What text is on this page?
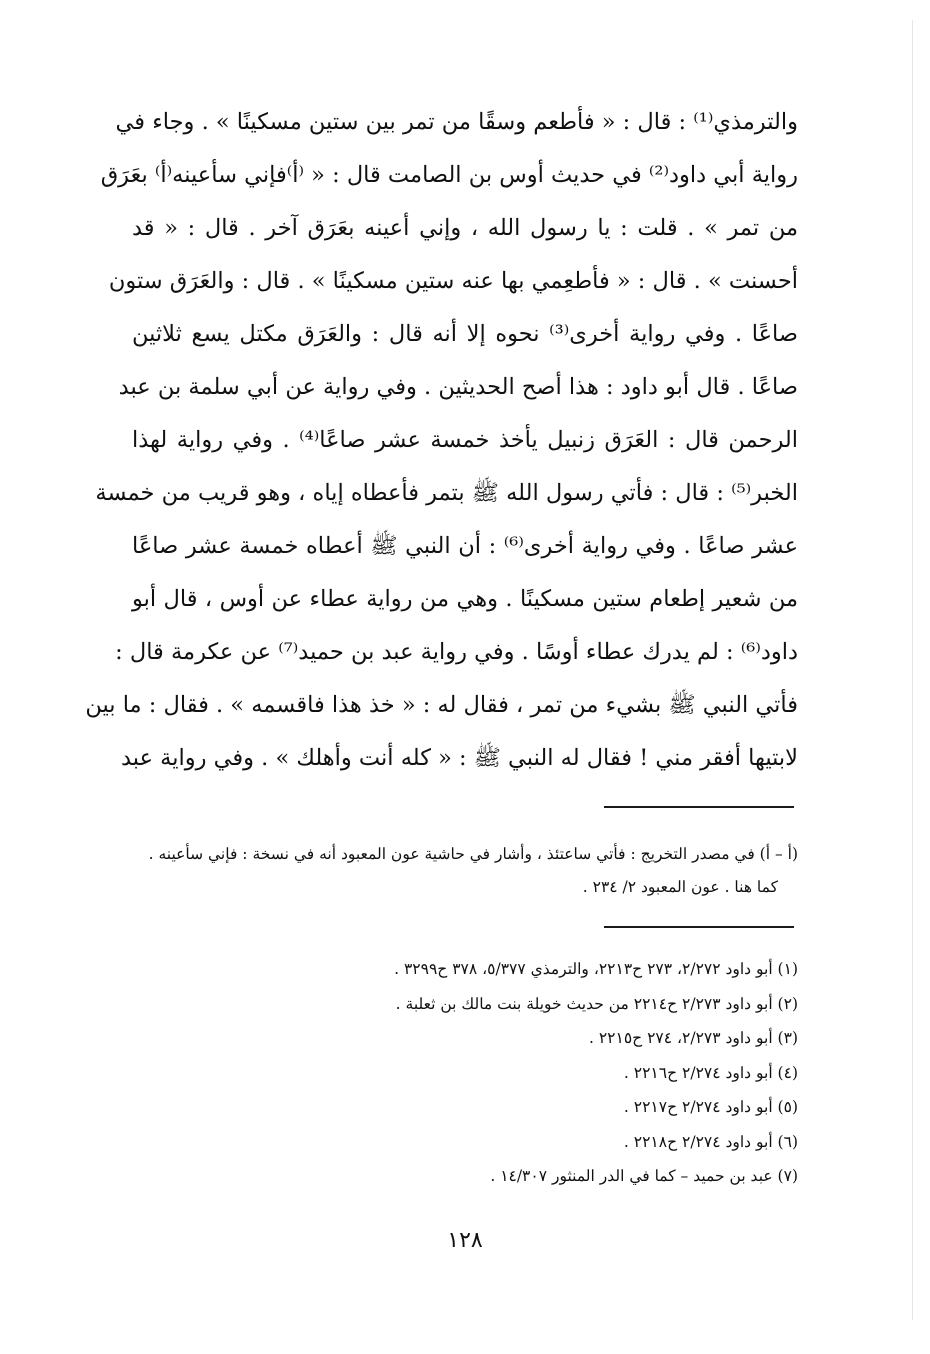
والترمذي⁽¹⁾ : قال : « فأطعم وسقًا من تمر بين ستين مسكينًا » . وجاء في
رواية أبي داود⁽²⁾ في حديث أوس بن الصامت قال : « ⁽أ⁾فإني سأعينه⁽أ⁾ بعَرَق
من تمر » . قلت : يا رسول الله ، وإني أعينه بعَرَق آخر . قال : « قد
أحسنت » . قال : « فأطعِمي بها عنه ستين مسكينًا » . قال : والعَرَق ستون
صاعًا . وفي رواية أخرى⁽³⁾ نحوه إلا أنه قال : والعَرَق مكتل يسع ثلاثين
صاعًا . قال أبو داود : هذا أصح الحديثين . وفي رواية عن أبي سلمة بن عبد
الرحمن قال : العَرَق زنبيل يأخذ خمسة عشر صاعًا⁽⁴⁾ . وفي رواية لهذا
الخبر⁽⁵⁾ : قال : فأتي رسول الله ﷺ بتمر فأعطاه إياه ، وهو قريب من خمسة
عشر صاعًا . وفي رواية أخرى⁽⁶⁾ : أن النبي ﷺ أعطاه خمسة عشر صاعًا
من شعير إطعام ستين مسكينًا . وهي من رواية عطاء عن أوس ، قال أبو
داود⁽⁶⁾ : لم يدرك عطاء أوسًا . وفي رواية عبد بن حميد⁽⁷⁾ عن عكرمة قال :
فأتي النبي ﷺ بشيء من تمر ، فقال له : « خذ هذا فاقسمه » . فقال : ما بين
لابتيها أفقر مني ! فقال له النبي ﷺ : « كله أنت وأهلك » . وفي رواية عبد
(أ – أ) في مصدر التخريج : فأتي ساعتئذ ، وأشار في حاشية عون المعبود أنه في نسخة : فإني سأعينه .
كما هنا . عون المعبود ٢/ ٢٣٤ .
(١) أبو داود ٢/٢٧٢، ٢٧٣ ح٢٢١٣، والترمذي ٥/٣٧٧، ٣٧٨ ح٣٢٩٩ .
(٢) أبو داود ٢/٢٧٣ ح٢٢١٤ من حديث خويلة بنت مالك بن ثعلبة .
(٣) أبو داود ٢/٢٧٣، ٢٧٤ ح٢٢١٥ .
(٤) أبو داود ٢/٢٧٤ ح٢٢١٦ .
(٥) أبو داود ٢/٢٧٤ ح٢٢١٧ .
(٦) أبو داود ٢/٢٧٤ ح٢٢١٨ .
(٧) عبد بن حميد – كما في الدر المنثور ١٤/٣٠٧ .
١٢٨
